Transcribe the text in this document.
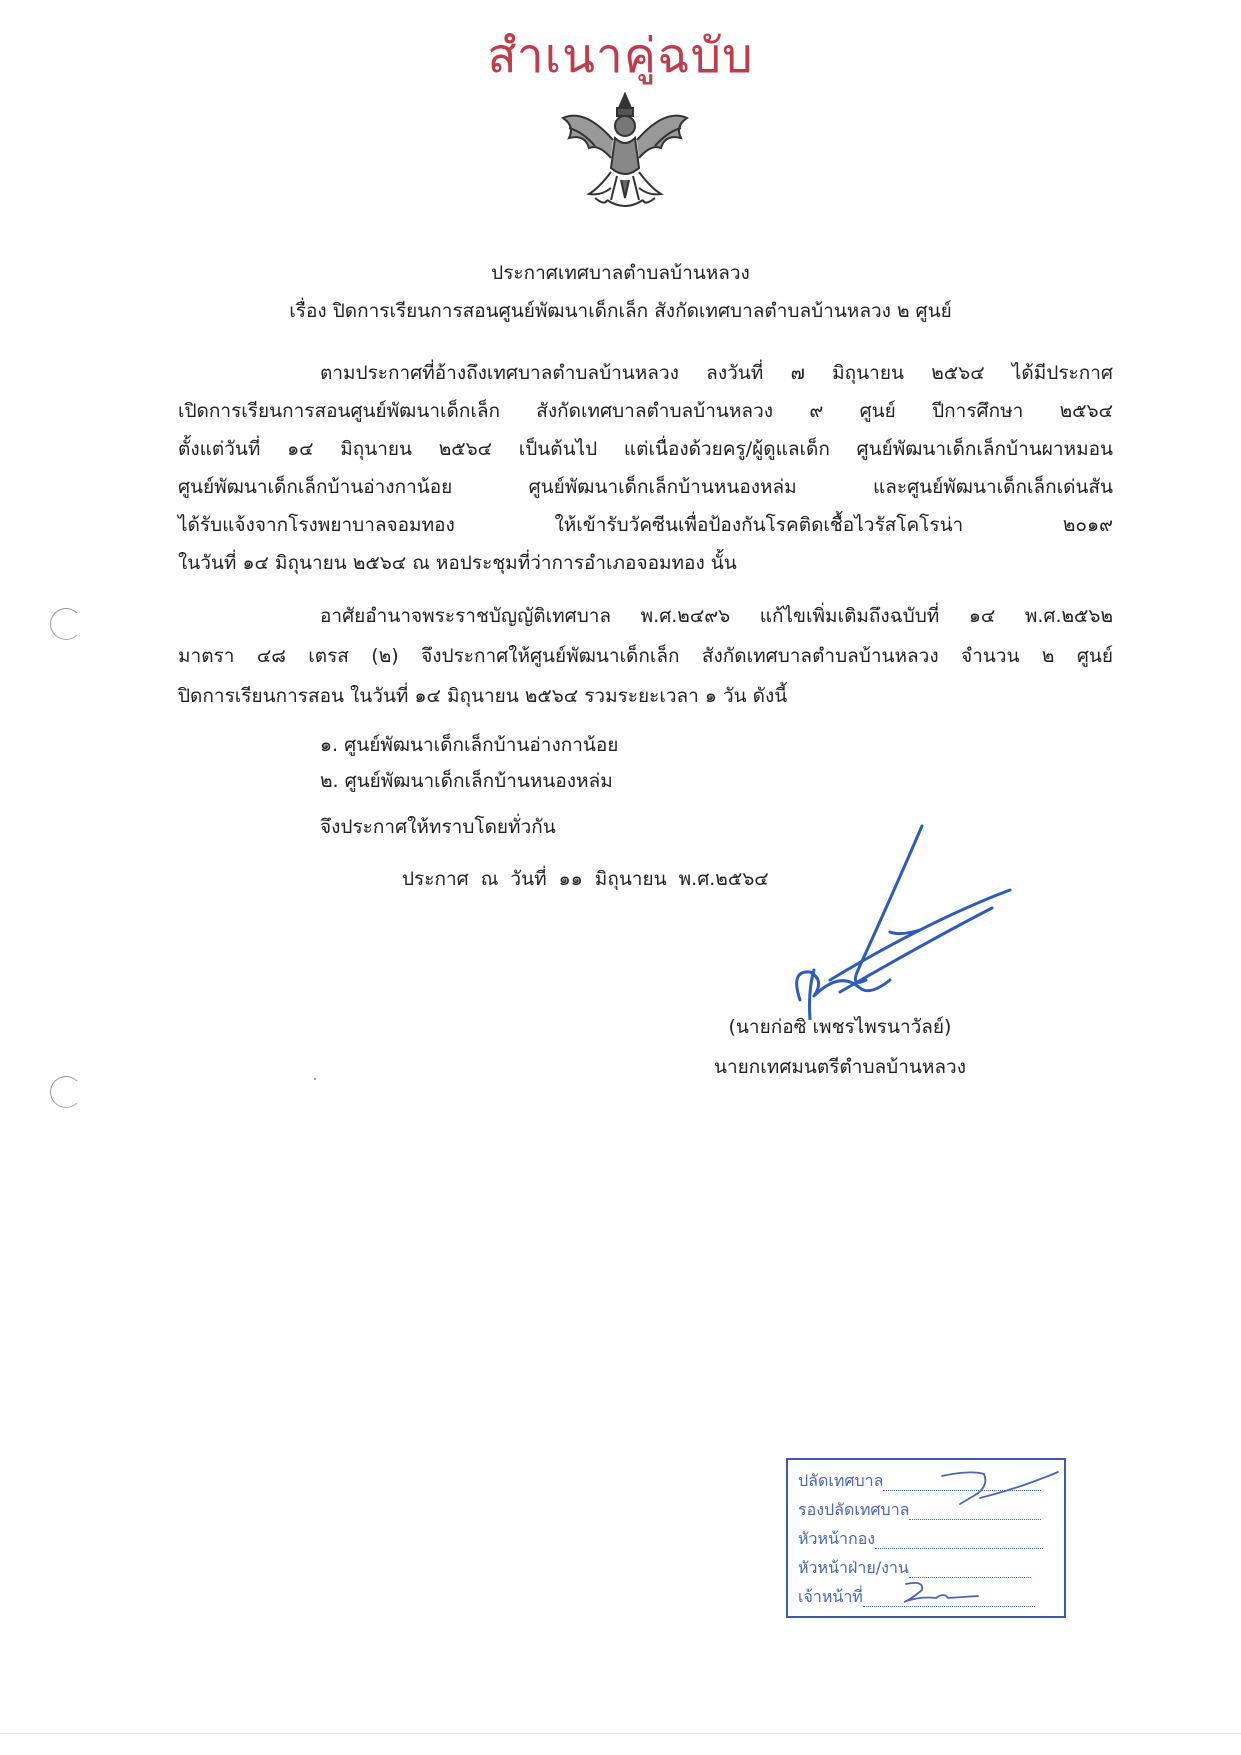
สำเนาคู่ฉบับ
ประกาศเทศบาลตำบลบ้านหลวง
เรื่อง ปิดการเรียนการสอนศูนย์พัฒนาเด็กเล็ก สังกัดเทศบาลตำบลบ้านหลวง ๒ ศูนย์
ตามประกาศที่อ้างถึงเทศบาลตำบลบ้านหลวง ลงวันที่ ๗ มิถุนายน ๒๕๖๔ ได้มีประกาศ
เปิดการเรียนการสอนศูนย์พัฒนาเด็กเล็ก สังกัดเทศบาลตำบลบ้านหลวง ๙ ศูนย์ ปีการศึกษา ๒๕๖๔
ตั้งแต่วันที่ ๑๔ มิถุนายน ๒๕๖๔ เป็นต้นไป แต่เนื่องด้วยครู/ผู้ดูแลเด็ก ศูนย์พัฒนาเด็กเล็กบ้านผาหมอน
ศูนย์พัฒนาเด็กเล็กบ้านอ่างกาน้อย ศูนย์พัฒนาเด็กเล็กบ้านหนองหล่ม และศูนย์พัฒนาเด็กเล็กเด่นสัน
ได้รับแจ้งจากโรงพยาบาลจอมทอง ให้เข้ารับวัคซีนเพื่อป้องกันโรคติดเชื้อไวรัสโคโรน่า ๒๐๑๙
ในวันที่ ๑๔ มิถุนายน ๒๕๖๔ ณ หอประชุมที่ว่าการอำเภอจอมทอง นั้น
อาศัยอำนาจพระราชบัญญัติเทศบาล พ.ศ.๒๔๙๖ แก้ไขเพิ่มเติมถึงฉบับที่ ๑๔ พ.ศ.๒๕๖๒
มาตรา ๔๘ เตรส (๒) จึงประกาศให้ศูนย์พัฒนาเด็กเล็ก สังกัดเทศบาลตำบลบ้านหลวง จำนวน ๒ ศูนย์
ปิดการเรียนการสอน ในวันที่ ๑๔ มิถุนายน ๒๕๖๔ รวมระยะเวลา ๑ วัน ดังนี้
๑. ศูนย์พัฒนาเด็กเล็กบ้านอ่างกาน้อย
๒. ศูนย์พัฒนาเด็กเล็กบ้านหนองหล่ม
จึงประกาศให้ทราบโดยทั่วกัน
ประกาศ ณ วันที่ ๑๑ มิถุนายน พ.ศ.๒๕๖๔
(นายก่อซิ เพชรไพรนาวัลย์)
นายกเทศมนตรีตำบลบ้านหลวง
ปลัดเทศบาล
รองปลัดเทศบาล
หัวหน้ากอง
หัวหน้าฝ่าย/งาน
เจ้าหน้าที่
